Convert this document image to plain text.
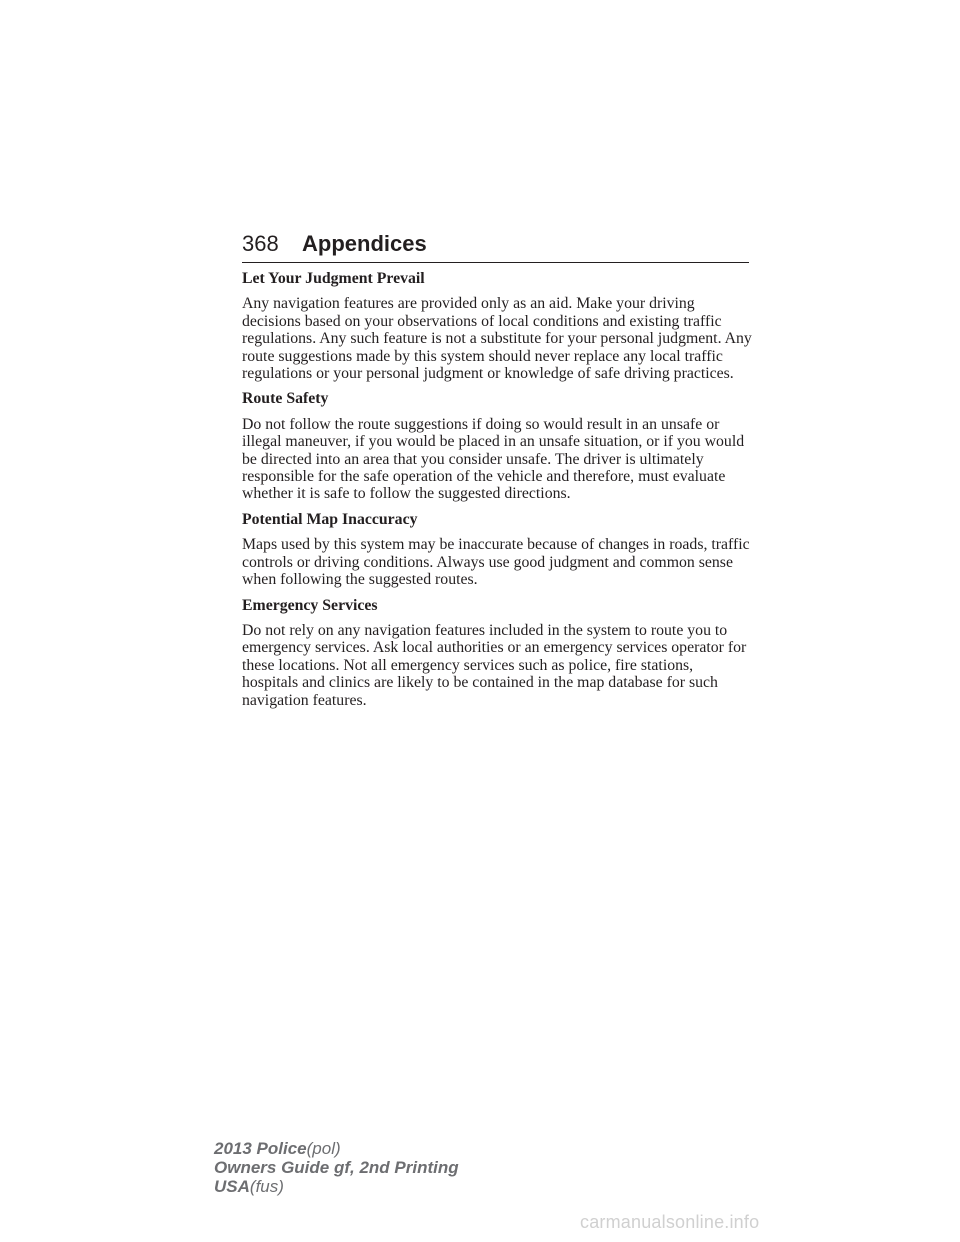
368 Appendices
Let Your Judgment Prevail

Any navigation features are provided only as an aid. Make your driving decisions based on your observations of local conditions and existing traffic regulations. Any such feature is not a substitute for your personal judgment. Any route suggestions made by this system should never replace any local traffic regulations or your personal judgment or knowledge of safe driving practices.

Route Safety

Do not follow the route suggestions if doing so would result in an unsafe or illegal maneuver, if you would be placed in an unsafe situation, or if you would be directed into an area that you consider unsafe. The driver is ultimately responsible for the safe operation of the vehicle and therefore, must evaluate whether it is safe to follow the suggested directions.

Potential Map Inaccuracy

Maps used by this system may be inaccurate because of changes in roads, traffic controls or driving conditions. Always use good judgment and common sense when following the suggested routes.

Emergency Services

Do not rely on any navigation features included in the system to route you to emergency services. Ask local authorities or an emergency services operator for these locations. Not all emergency services such as police, fire stations, hospitals and clinics are likely to be contained in the map database for such navigation features.

2013 Police(pol)
Owners Guide gf, 2nd Printing
USA(fus)
carmanualsonline.info
